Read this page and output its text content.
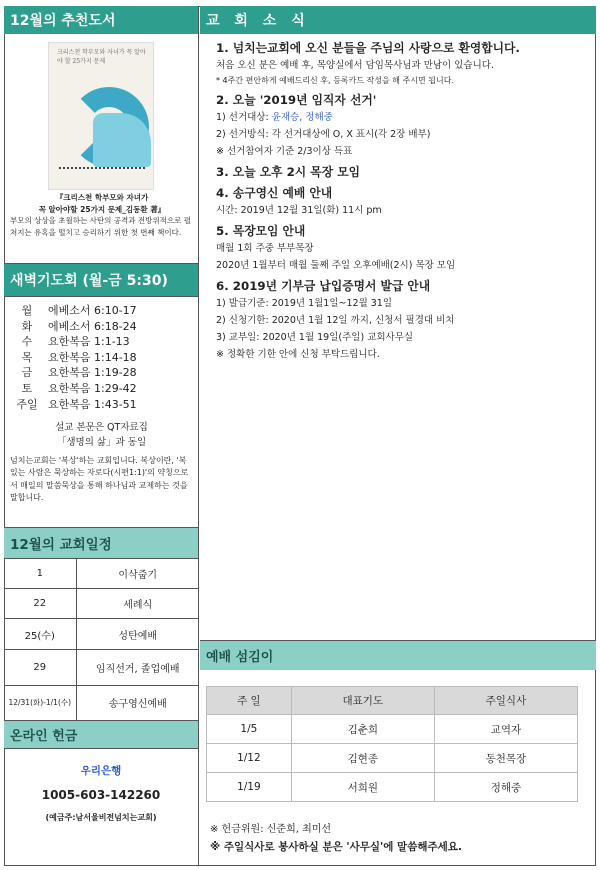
12월의 추천도서
크리스천 학부모와 자녀가 꼭 알아야 할 25가지 문제
『크리스천 학부모와 자녀가
꼭 알아야할 25가지 문제_김동환 著』
부모의 상상을 초월하는 사탄의 공격과 전방위적으로 펼쳐지는 유혹을 떨치고 승리하기 위한 첫 번째 책이다.
새벽기도회 (월-금 5:30)
월	에베소서 6:10-17
화	에베소서 6:18-24
수	요한복음 1:1-13
목	요한복음 1:14-18
금	요한복음 1:19-28
토	요한복음 1:29-42
주일 요한복음 1:43-51
설교 본문은 QT자료집
「생명의 삶」과 동일
넘치는교회는 '복상'하는 교회입니다. 복상이란, '복 있는 사람은 묵상하는 자로다(시편1:1)'의 약칭으로서 매일의 말씀묵상을 통해 하나님과 교제하는 것을 말합니다.
12월의 교회일정
1	이삭줍기
22	세례식
25(수)	성탄예배
29	임직선거, 졸업예배
12/31(화)-1/1(수)	송구영신예배
온라인 헌금
우리은행
1005-603-142260
(예금주:남서울비전넘치는교회)
교 회 소 식
1. 넘치는교회에 오신 분들을 주님의 사랑으로 환영합니다.
처음 오신 분은 예배 후, 목양실에서 담임목사님과 만남이 있습니다.
* 4주간 편안하게 예배드리신 후, 등록카드 작성을 해 주시면 됩니다.
2. 오늘 '2019년 임직자 선거'
1) 선거대상: 윤재승, 정해중
2) 선거방식: 각 선거대상에 O, X 표시(각 2장 배부)
※ 선거참여자 기준 2/3이상 득표
3. 오늘 오후 2시 목장 모임
4. 송구영신 예배 안내
시간: 2019년 12월 31일(화) 11시 pm
5. 목장모임 안내
매월 1회 주중 부부목장
2020년 1월부터 매월 둘째 주일 오후예배(2시) 목장 모임
6. 2019년 기부금 납입증명서 발급 안내
1) 발급기준: 2019년 1월1일~12월 31일
2) 신청기한: 2020년 1월 12일 까지, 신청서 필경대 비치
3) 교부일: 2020년 1월 19일(주일) 교회사무실
※ 정확한 기한 안에 신청 부탁드립니다.
예배 섬김이
주 일	대표기도	주일식사
1/5	김춘희	교역자
1/12	김현종	동천목장
1/19	서희원	정해중
※ 헌금위원: 신준희, 최미선
※ 주일식사로 봉사하실 분은 '사무실'에 말씀해주세요.
